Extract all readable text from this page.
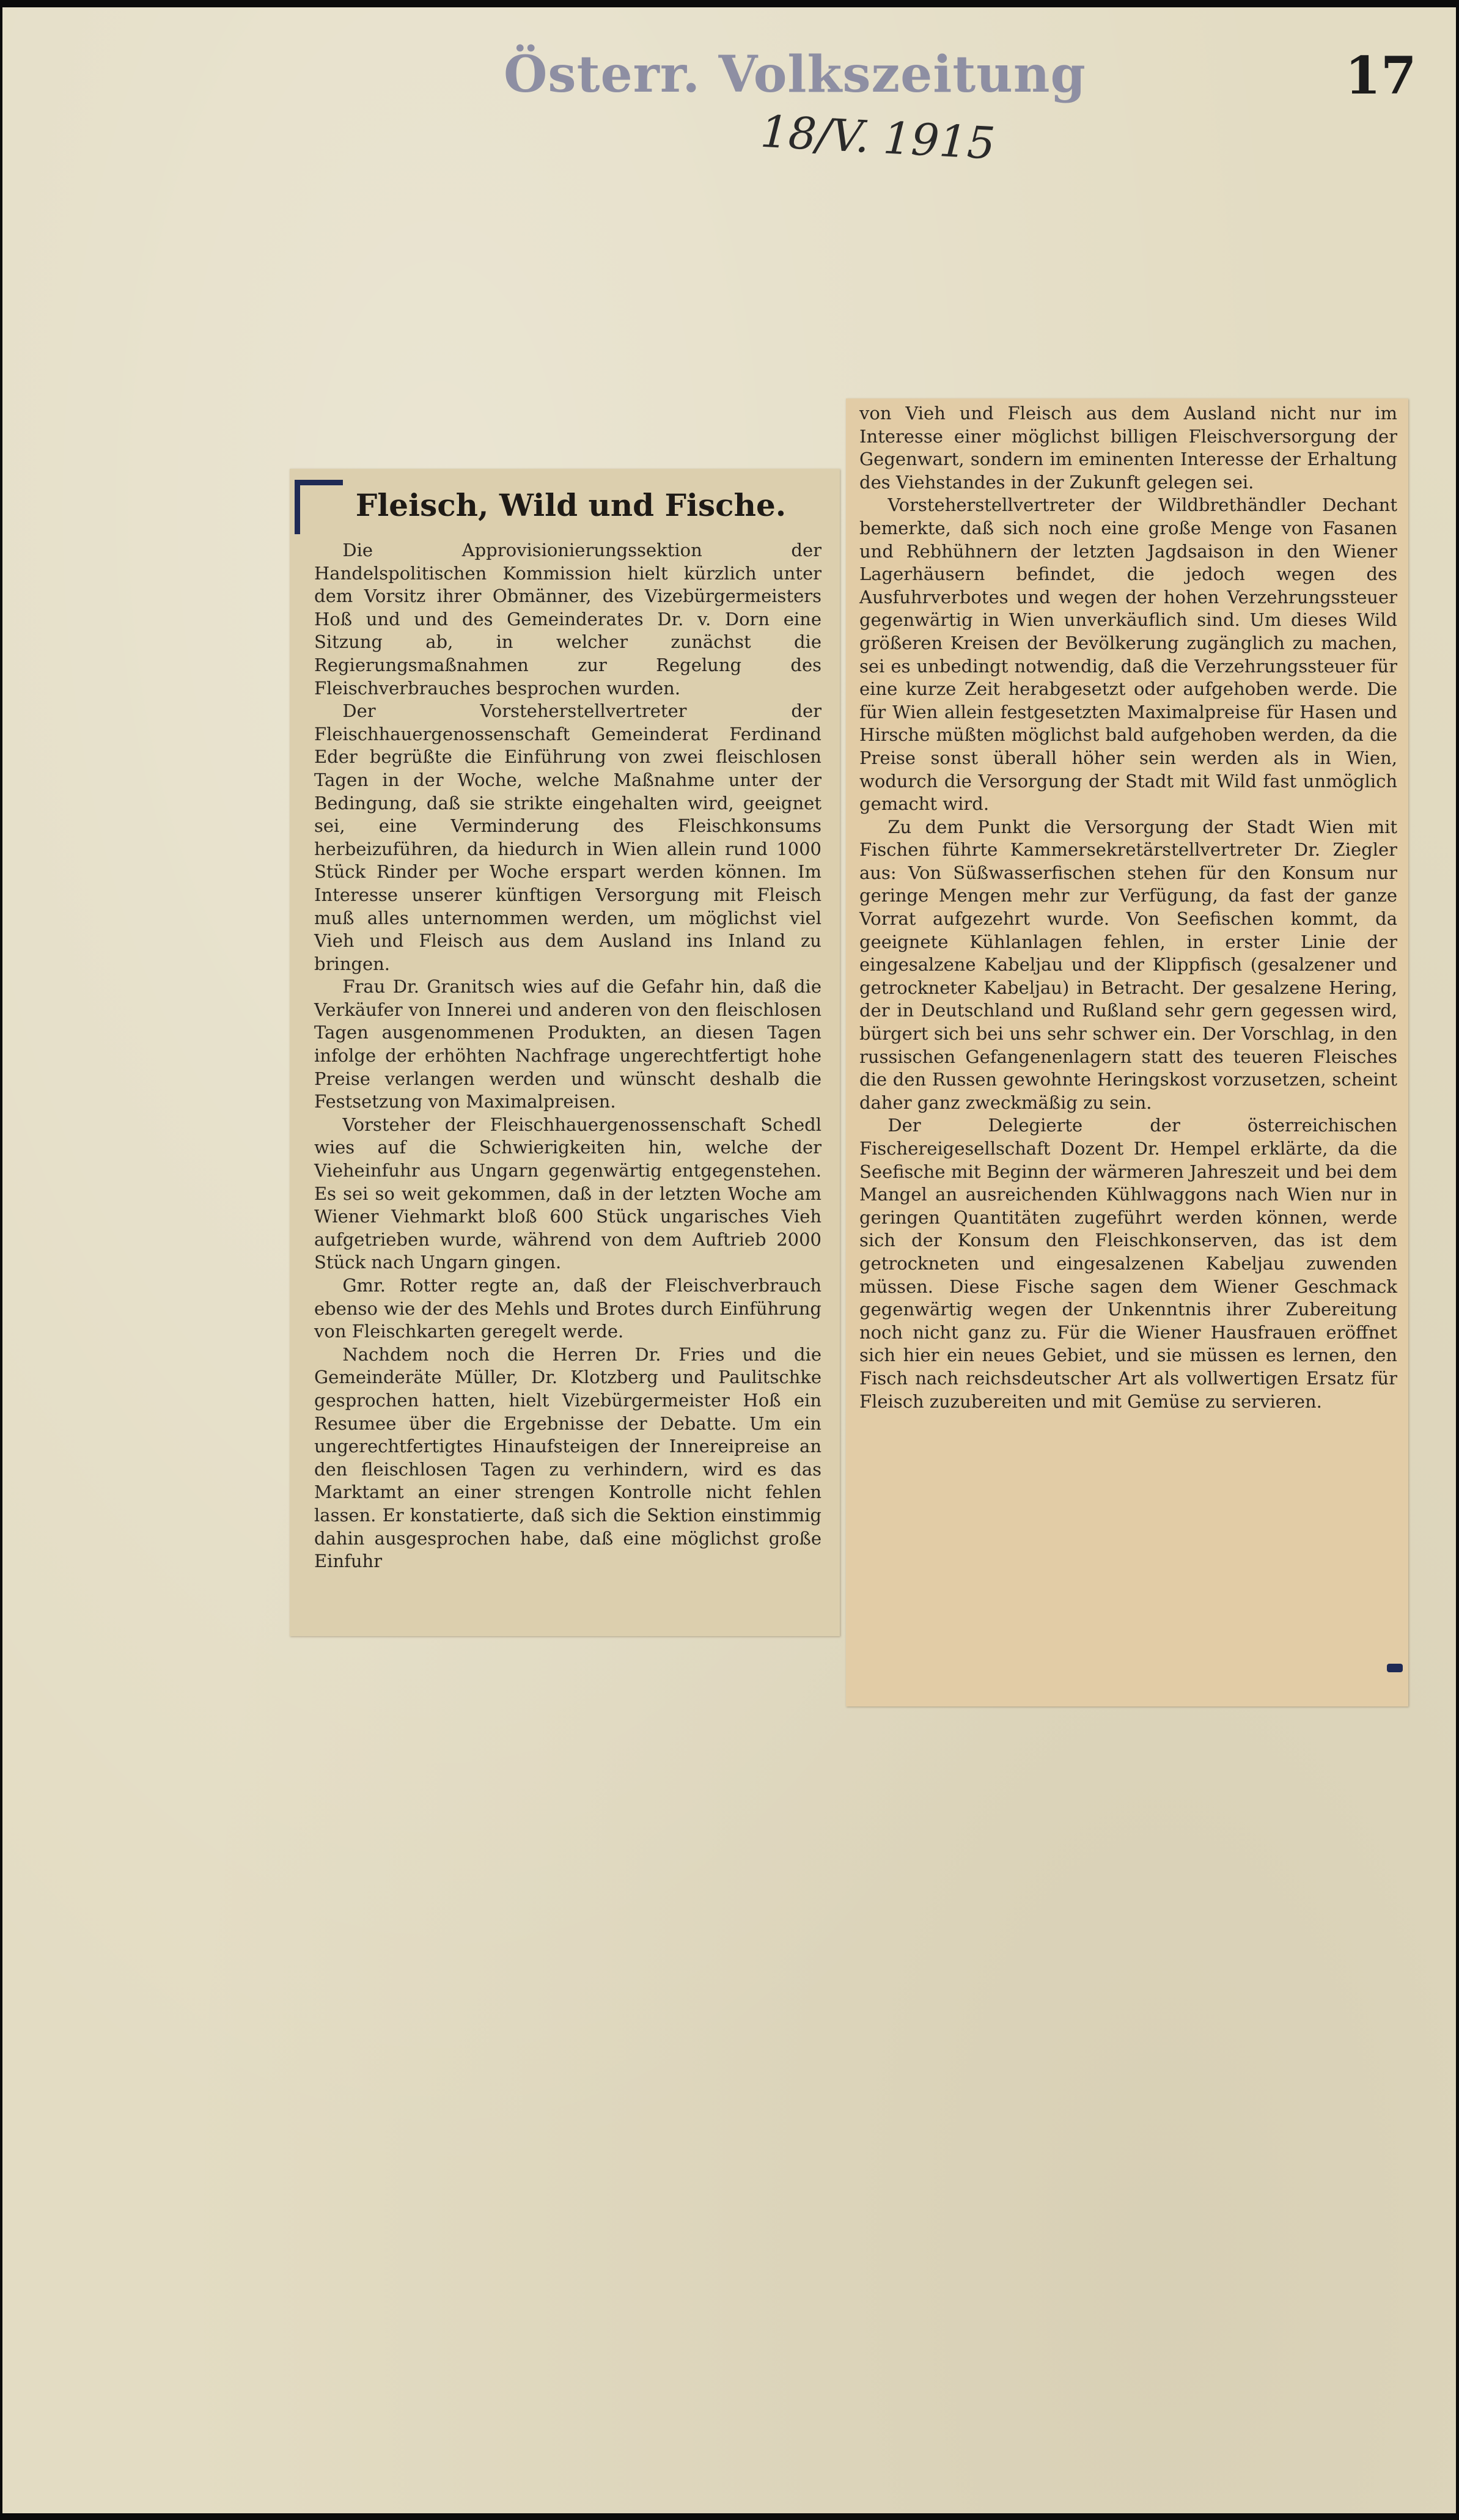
Österr. Volkszeitung	17
18/V. 1915
Fleisch, Wild und Fische.

Die Approvisionierungssektion der Handelspolitischen Kommission hielt kürzlich unter dem Vorsitz ihrer Obmänner, des Vizebürgermeisters Hoß und und des Gemeinderates Dr. v. Dorn eine Sitzung ab, in welcher zunächst die Regierungsmaßnahmen zur Regelung des Fleischverbrauches besprochen wurden.

Der Vorsteherstellvertreter der Fleischhauergenossenschaft Gemeinderat Ferdinand Eder begrüßte die Einführung von zwei fleischlosen Tagen in der Woche, welche Maßnahme unter der Bedingung, daß sie strikte eingehalten wird, geeignet sei, eine Verminderung des Fleischkonsums herbeizuführen, da hiedurch in Wien allein rund 1000 Stück Rinder per Woche erspart werden können. Im Interesse unserer künftigen Versorgung mit Fleisch muß alles unternommen werden, um möglichst viel Vieh und Fleisch aus dem Ausland ins Inland zu bringen.

Frau Dr. Granitsch wies auf die Gefahr hin, daß die Verkäufer von Innerei und anderen von den fleischlosen Tagen ausgenommenen Produkten, an diesen Tagen infolge der erhöhten Nachfrage ungerechtfertigt hohe Preise verlangen werden und wünscht deshalb die Festsetzung von Maximalpreisen.

Vorsteher der Fleischhauergenossenschaft Schedl wies auf die Schwierigkeiten hin, welche der Vieheinfuhr aus Ungarn gegenwärtig entgegenstehen. Es sei so weit gekommen, daß in der letzten Woche am Wiener Viehmarkt bloß 600 Stück ungarisches Vieh aufgetrieben wurde, während von dem Auftrieb 2000 Stück nach Ungarn gingen.

Gmr. Rotter regte an, daß der Fleischverbrauch ebenso wie der des Mehls und Brotes durch Einführung von Fleischkarten geregelt werde.

Nachdem noch die Herren Dr. Fries und die Gemeinderäte Müller, Dr. Klotzberg und Paulitschke gesprochen hatten, hielt Vizebürgermeister Hoß ein Resumee über die Ergebnisse der Debatte. Um ein ungerechtfertigtes Hinaufsteigen der Innereipreise an den fleischlosen Tagen zu verhindern, wird es das Marktamt an einer strengen Kontrolle nicht fehlen lassen. Er konstatierte, daß sich die Sektion einstimmig dahin ausgesprochen habe, daß eine möglichst große Einfuhr

von Vieh und Fleisch aus dem Ausland nicht nur im Interesse einer möglichst billigen Fleischversorgung der Gegenwart, sondern im eminenten Interesse der Erhaltung des Viehstandes in der Zukunft gelegen sei.

Vorsteherstellvertreter der Wildbrethändler Dechant bemerkte, daß sich noch eine große Menge von Fasanen und Rebhühnern der letzten Jagdsaison in den Wiener Lagerhäusern befindet, die jedoch wegen des Ausfuhrverbotes und wegen der hohen Verzehrungssteuer gegenwärtig in Wien unverkäuflich sind. Um dieses Wild größeren Kreisen der Bevölkerung zugänglich zu machen, sei es unbedingt notwendig, daß die Verzehrungssteuer für eine kurze Zeit herabgesetzt oder aufgehoben werde. Die für Wien allein festgesetzten Maximalpreise für Hasen und Hirsche müßten möglichst bald aufgehoben werden, da die Preise sonst überall höher sein werden als in Wien, wodurch die Versorgung der Stadt mit Wild fast unmöglich gemacht wird.

Zu dem Punkt die Versorgung der Stadt Wien mit Fischen führte Kammersekretärstellvertreter Dr. Ziegler aus: Von Süßwasserfischen stehen für den Konsum nur geringe Mengen mehr zur Verfügung, da fast der ganze Vorrat aufgezehrt wurde. Von Seefischen kommt, da geeignete Kühlanlagen fehlen, in erster Linie der eingesalzene Kabeljau und der Klippfisch (gesalzener und getrockneter Kabeljau) in Betracht. Der gesalzene Hering, der in Deutschland und Rußland sehr gern gegessen wird, bürgert sich bei uns sehr schwer ein. Der Vorschlag, in den russischen Gefangenenlagern statt des teueren Fleisches die den Russen gewohnte Heringskost vorzusetzen, scheint daher ganz zweckmäßig zu sein.

Der Delegierte der österreichischen Fischereigesellschaft Dozent Dr. Hempel erklärte, da die Seefische mit Beginn der wärmeren Jahreszeit und bei dem Mangel an ausreichenden Kühlwaggons nach Wien nur in geringen Quantitäten zugeführt werden können, werde sich der Konsum den Fleischkonserven, das ist dem getrockneten und eingesalzenen Kabeljau zuwenden müssen. Diese Fische sagen dem Wiener Geschmack gegenwärtig wegen der Unkenntnis ihrer Zubereitung noch nicht ganz zu. Für die Wiener Hausfrauen eröffnet sich hier ein neues Gebiet, und sie müssen es lernen, den Fisch nach reichsdeutscher Art als vollwertigen Ersatz für Fleisch zuzubereiten und mit Gemüse zu servieren.
